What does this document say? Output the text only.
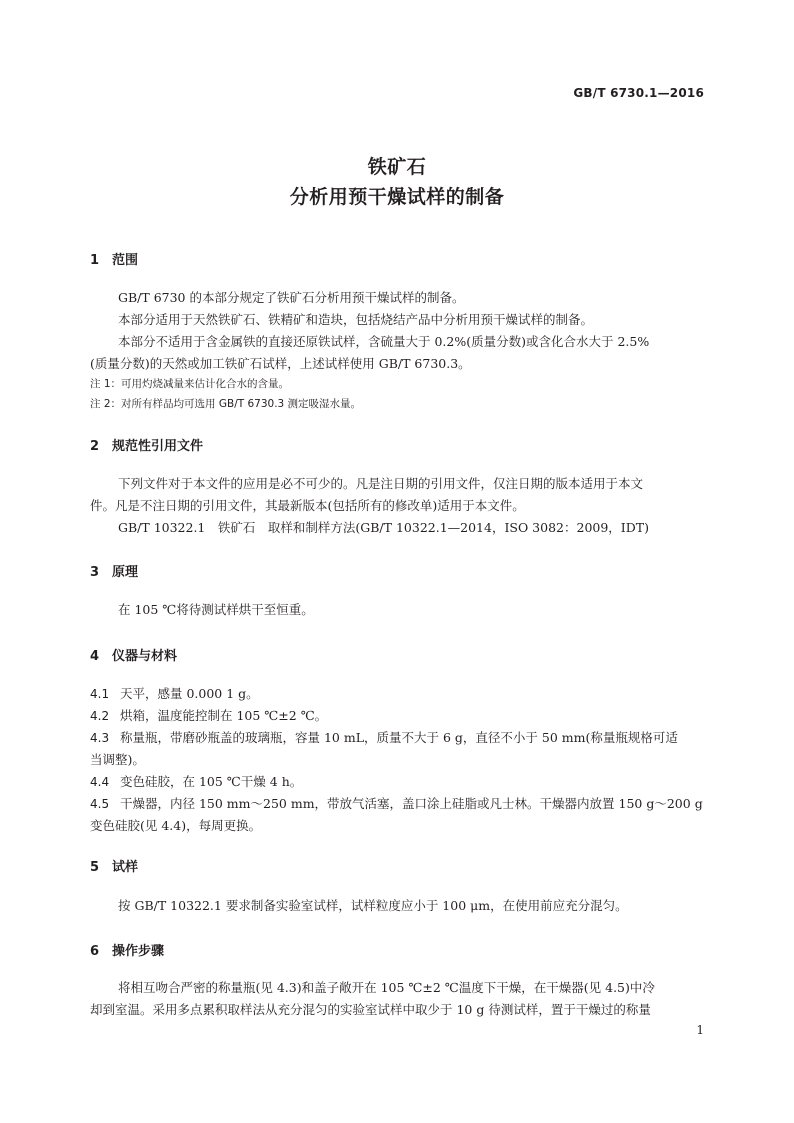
GB/T 6730.1—2016
铁矿石
分析用预干燥试样的制备
1 范围
GB/T 6730 的本部分规定了铁矿石分析用预干燥试样的制备。
本部分适用于天然铁矿石、铁精矿和造块，包括烧结产品中分析用预干燥试样的制备。
本部分不适用于含金属铁的直接还原铁试样，含硫量大于 0.2%(质量分数)或含化合水大于 2.5%
(质量分数)的天然或加工铁矿石试样，上述试样使用 GB/T 6730.3。
注 1：可用灼烧减量来估计化合水的含量。
注 2：对所有样品均可选用 GB/T 6730.3 测定吸湿水量。
2 规范性引用文件
下列文件对于本文件的应用是必不可少的。凡是注日期的引用文件，仅注日期的版本适用于本文
件。凡是不注日期的引用文件，其最新版本(包括所有的修改单)适用于本文件。
GB/T 10322.1　铁矿石　取样和制样方法(GB/T 10322.1—2014，ISO 3082：2009，IDT)
3 原理
在 105 ℃将待测试样烘干至恒重。
4 仪器与材料
4.1 天平，感量 0.000 1 g。
4.2 烘箱，温度能控制在 105 ℃±2 ℃。
4.3 称量瓶，带磨砂瓶盖的玻璃瓶，容量 10 mL，质量不大于 6 g，直径不小于 50 mm(称量瓶规格可适
当调整)。
4.4 变色硅胶，在 105 ℃干燥 4 h。
4.5 干燥器，内径 150 mm～250 mm，带放气活塞，盖口涂上硅脂或凡士林。干燥器内放置 150 g～200 g
变色硅胶(见 4.4)，每周更换。
5 试样
按 GB/T 10322.1 要求制备实验室试样，试样粒度应小于 100 μm，在使用前应充分混匀。
6 操作步骤
将相互吻合严密的称量瓶(见 4.3)和盖子敞开在 105 ℃±2 ℃温度下干燥，在干燥器(见 4.5)中冷
却到室温。采用多点累积取样法从充分混匀的实验室试样中取少于 10 g 待测试样，置于干燥过的称量
1
